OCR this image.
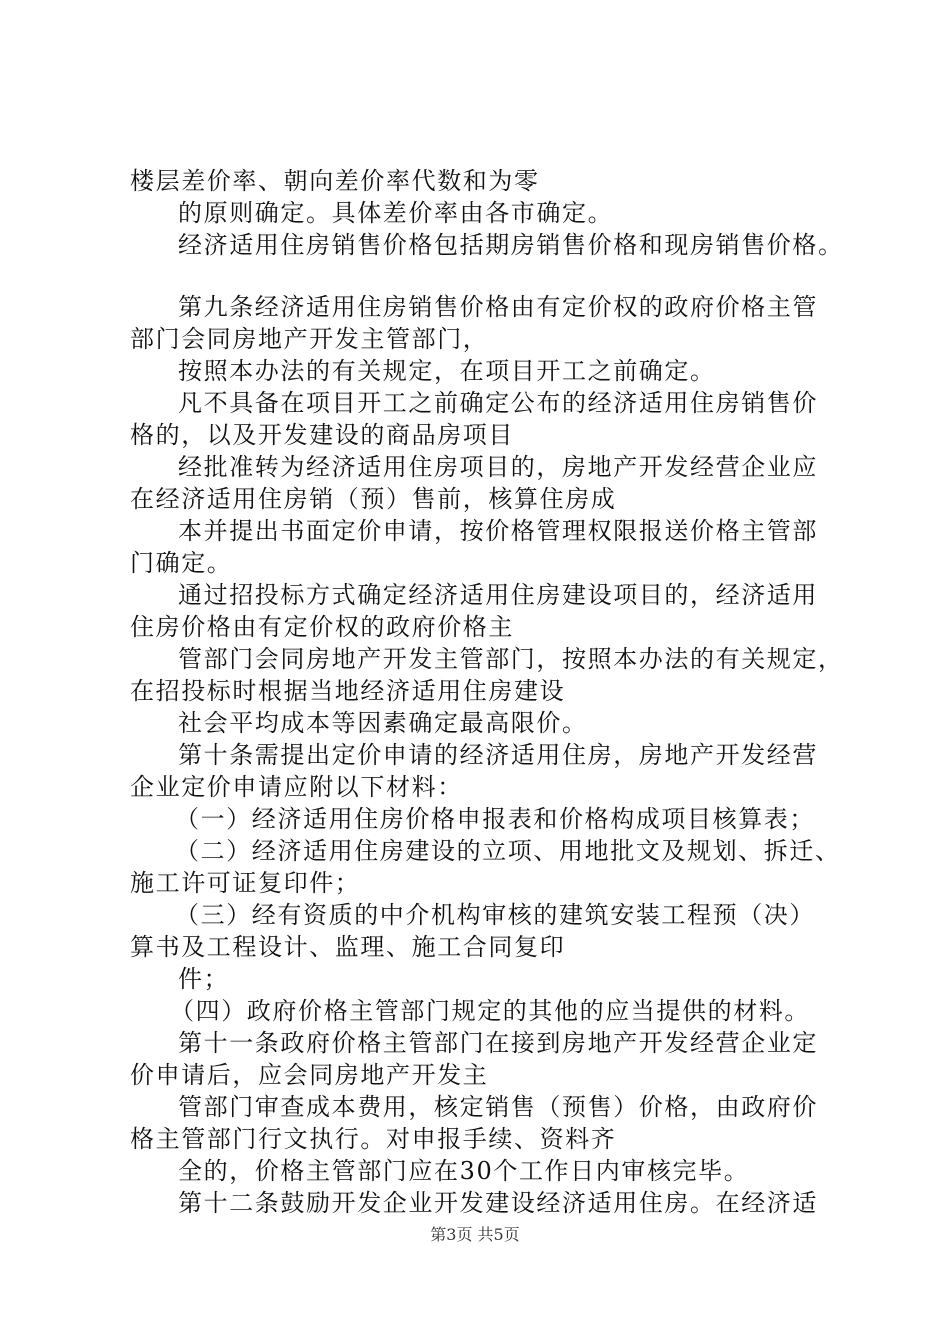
楼层差价率、朝向差价率代数和为零
的原则确定。具体差价率由各市确定。
经济适用住房销售价格包括期房销售价格和现房销售价格。
第九条经济适用住房销售价格由有定价权的政府价格主管
部门会同房地产开发主管部门，
按照本办法的有关规定，在项目开工之前确定。
凡不具备在项目开工之前确定公布的经济适用住房销售价
格的，以及开发建设的商品房项目
经批准转为经济适用住房项目的，房地产开发经营企业应
在经济适用住房销（预）售前，核算住房成
本并提出书面定价申请，按价格管理权限报送价格主管部
门确定。
通过招投标方式确定经济适用住房建设项目的，经济适用
住房价格由有定价权的政府价格主
管部门会同房地产开发主管部门，按照本办法的有关规定，
在招投标时根据当地经济适用住房建设
社会平均成本等因素确定最高限价。
第十条需提出定价申请的经济适用住房，房地产开发经营
企业定价申请应附以下材料：
（一）经济适用住房价格申报表和价格构成项目核算表；
（二）经济适用住房建设的立项、用地批文及规划、拆迁、
施工许可证复印件；
（三）经有资质的中介机构审核的建筑安装工程预（决）
算书及工程设计、监理、施工合同复印
件；
（四）政府价格主管部门规定的其他的应当提供的材料。
第十一条政府价格主管部门在接到房地产开发经营企业定
价申请后，应会同房地产开发主
管部门审查成本费用，核定销售（预售）价格，由政府价
格主管部门行文执行。对申报手续、资料齐
全的，价格主管部门应在30个工作日内审核完毕。
第十二条鼓励开发企业开发建设经济适用住房。在经济适
第3页 共5页
